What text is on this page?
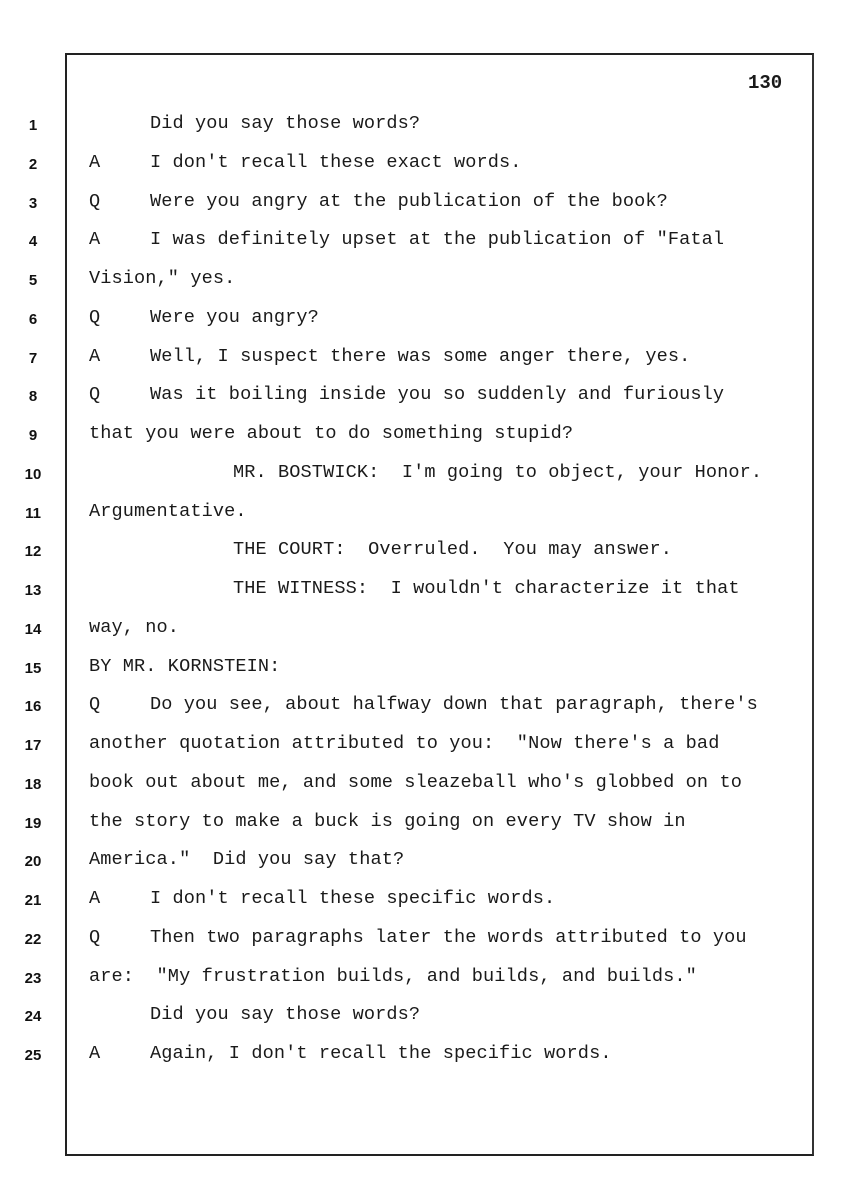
130
1	Did you say those words?
2	A	I don't recall these exact words.
3	Q	Were you angry at the publication of the book?
4	A	I was definitely upset at the publication of "Fatal
5	Vision," yes.
6	Q	Were you angry?
7	A	Well, I suspect there was some anger there, yes.
8	Q	Was it boiling inside you so suddenly and furiously
9	that you were about to do something stupid?
10	MR. BOSTWICK:  I'm going to object, your Honor.
11	Argumentative.
12	THE COURT:  Overruled.  You may answer.
13	THE WITNESS:  I wouldn't characterize it that
14	way, no.
15	BY MR. KORNSTEIN:
16	Q	Do you see, about halfway down that paragraph, there's
17	another quotation attributed to you:  "Now there's a bad
18	book out about me, and some sleazeball who's globbed on to
19	the story to make a buck is going on every TV show in
20	America."  Did you say that?
21	A	I don't recall these specific words.
22	Q	Then two paragraphs later the words attributed to you
23	are:  "My frustration builds, and builds, and builds."
24	Did you say those words?
25	A	Again, I don't recall the specific words.
